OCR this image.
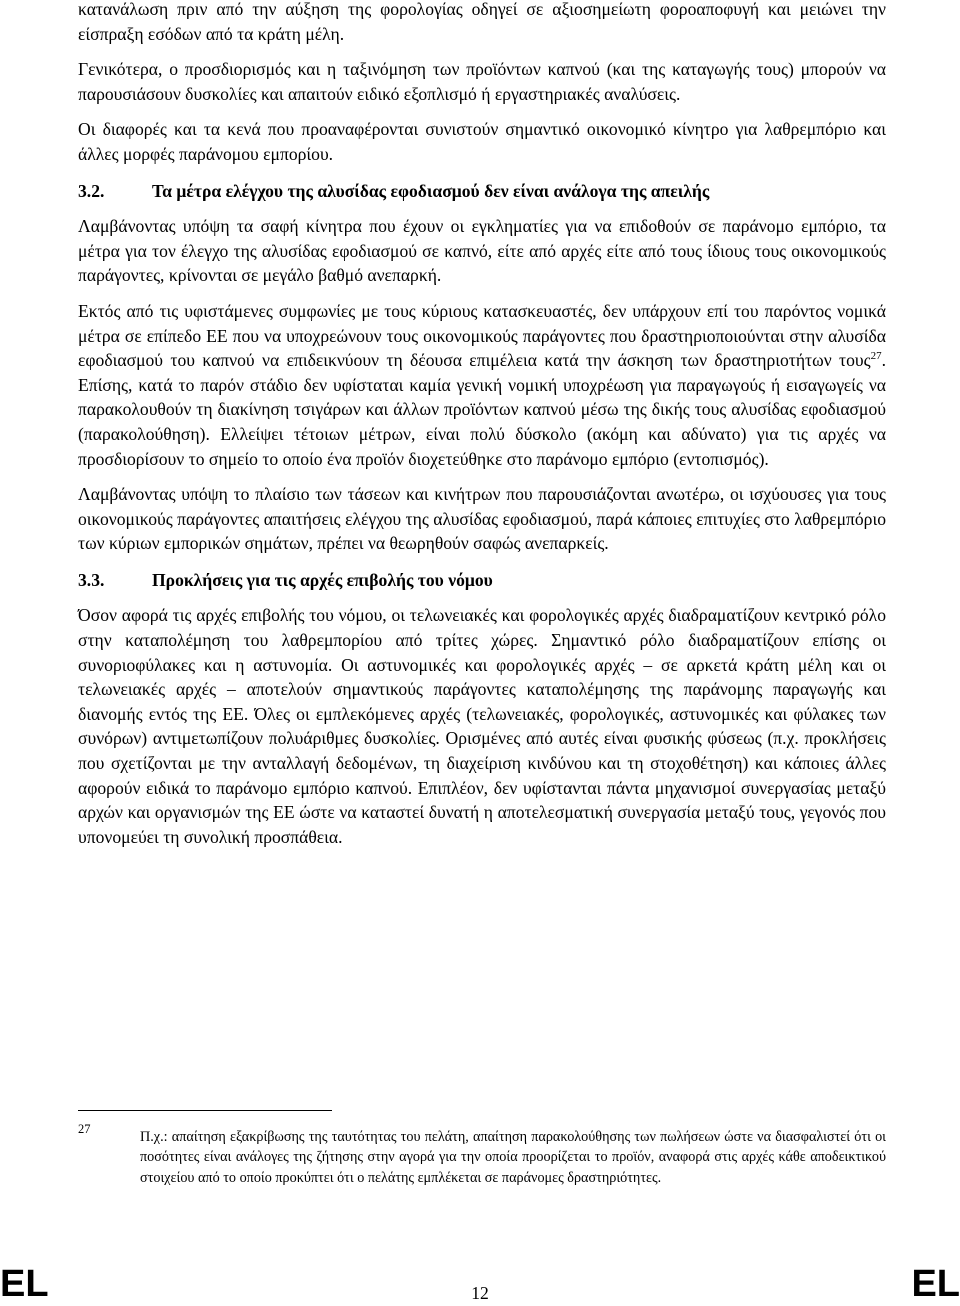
κατανάλωση πριν από την αύξηση της φορολογίας οδηγεί σε αξιοσημείωτη φοροαποφυγή και μειώνει την είσπραξη εσόδων από τα κράτη μέλη.

Γενικότερα, ο προσδιορισμός και η ταξινόμηση των προϊόντων καπνού (και της καταγωγής τους) μπορούν να παρουσιάσουν δυσκολίες και απαιτούν ειδικό εξοπλισμό ή εργαστηριακές αναλύσεις.

Οι διαφορές και τα κενά που προαναφέρονται συνιστούν σημαντικό οικονομικό κίνητρο για λαθρεμπόριο και άλλες μορφές παράνομου εμπορίου.

3.2.	Τα μέτρα ελέγχου της αλυσίδας εφοδιασμού δεν είναι ανάλογα της απειλής

Λαμβάνοντας υπόψη τα σαφή κίνητρα που έχουν οι εγκληματίες για να επιδοθούν σε παράνομο εμπόριο, τα μέτρα για τον έλεγχο της αλυσίδας εφοδιασμού σε καπνό, είτε από αρχές είτε από τους ίδιους τους οικονομικούς παράγοντες, κρίνονται σε μεγάλο βαθμό ανεπαρκή.

Εκτός από τις υφιστάμενες συμφωνίες με τους κύριους κατασκευαστές, δεν υπάρχουν επί του παρόντος νομικά μέτρα σε επίπεδο ΕΕ που να υποχρεώνουν τους οικονομικούς παράγοντες που δραστηριοποιούνται στην αλυσίδα εφοδιασμού του καπνού να επιδεικνύουν τη δέουσα επιμέλεια κατά την άσκηση των δραστηριοτήτων τους$^{27}$. Επίσης, κατά το παρόν στάδιο δεν υφίσταται καμία γενική νομική υποχρέωση για παραγωγούς ή εισαγωγείς να παρακολουθούν τη διακίνηση τσιγάρων και άλλων προϊόντων καπνού μέσω της δικής τους αλυσίδας εφοδιασμού (παρακολούθηση). Ελλείψει τέτοιων μέτρων, είναι πολύ δύσκολο (ακόμη και αδύνατο) για τις αρχές να προσδιορίσουν το σημείο το οποίο ένα προϊόν διοχετεύθηκε στο παράνομο εμπόριο (εντοπισμός).

Λαμβάνοντας υπόψη το πλαίσιο των τάσεων και κινήτρων που παρουσιάζονται ανωτέρω, οι ισχύουσες για τους οικονομικούς παράγοντες απαιτήσεις ελέγχου της αλυσίδας εφοδιασμού, παρά κάποιες επιτυχίες στο λαθρεμπόριο των κύριων εμπορικών σημάτων, πρέπει να θεωρηθούν σαφώς ανεπαρκείς.

3.3.	Προκλήσεις για τις αρχές επιβολής του νόμου

Όσον αφορά τις αρχές επιβολής του νόμου, οι τελωνειακές και φορολογικές αρχές διαδραματίζουν κεντρικό ρόλο στην καταπολέμηση του λαθρεμπορίου από τρίτες χώρες. Σημαντικό ρόλο διαδραματίζουν επίσης οι συνοριοφύλακες και η αστυνομία. Οι αστυνομικές και φορολογικές αρχές – σε αρκετά κράτη μέλη και οι τελωνειακές αρχές – αποτελούν σημαντικούς παράγοντες καταπολέμησης της παράνομης παραγωγής και διανομής εντός της ΕΕ. Όλες οι εμπλεκόμενες αρχές (τελωνειακές, φορολογικές, αστυνομικές και φύλακες των συνόρων) αντιμετωπίζουν πολυάριθμες δυσκολίες. Ορισμένες από αυτές είναι φυσικής φύσεως (π.χ. προκλήσεις που σχετίζονται με την ανταλλαγή δεδομένων, τη διαχείριση κινδύνου και τη στοχοθέτηση) και κάποιες άλλες αφορούν ειδικά το παράνομο εμπόριο καπνού. Επιπλέον, δεν υφίστανται πάντα μηχανισμοί συνεργασίας μεταξύ αρχών και οργανισμών της ΕΕ ώστε να καταστεί δυνατή η αποτελεσματική συνεργασία μεταξύ τους, γεγονός που υπονομεύει τη συνολική προσπάθεια.

27	Π.χ.: απαίτηση εξακρίβωσης της ταυτότητας του πελάτη, απαίτηση παρακολούθησης των πωλήσεων ώστε να διασφαλιστεί ότι οι ποσότητες είναι ανάλογες της ζήτησης στην αγορά για την οποία προορίζεται το προϊόν, αναφορά στις αρχές κάθε αποδεικτικού στοιχείου από το οποίο προκύπτει ότι ο πελάτης εμπλέκεται σε παράνομες δραστηριότητες.
EL	12	EL
